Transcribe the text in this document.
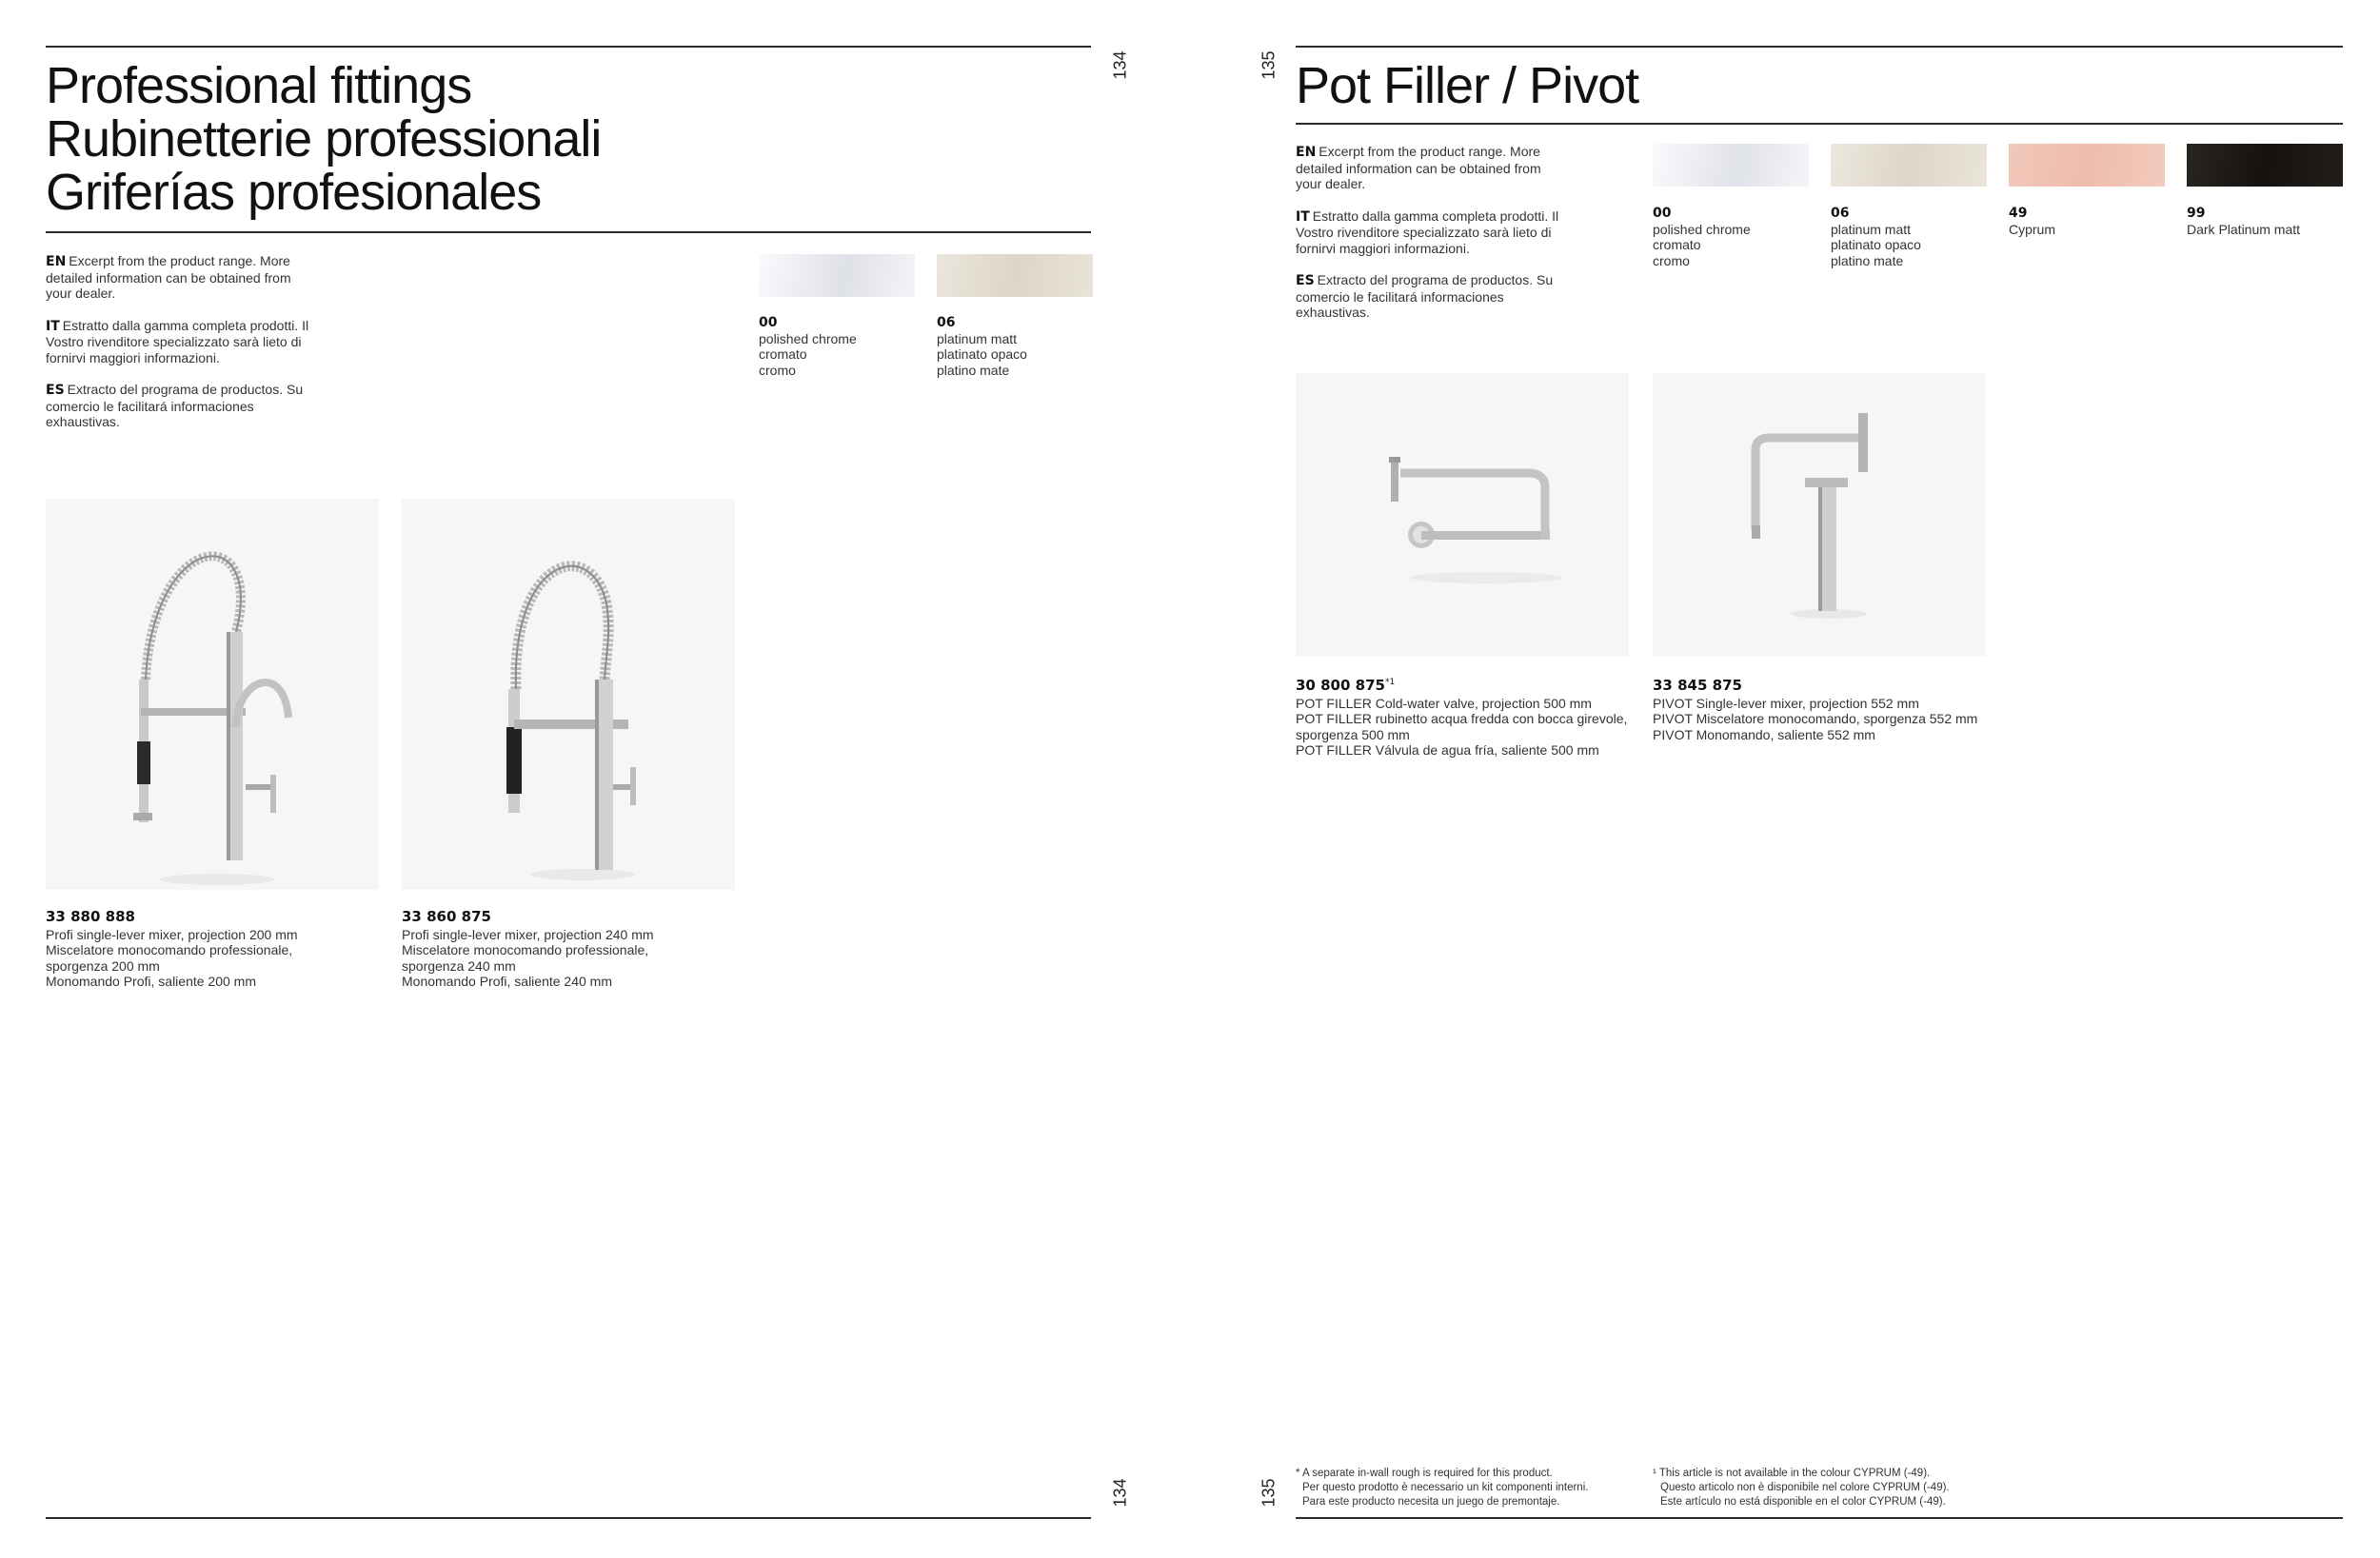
134
Professional fittings
Rubinetterie professionali
Griferías profesionales

EN Excerpt from the product range. More detailed information can be obtained from your dealer.

IT Estratto dalla gamma completa prodotti. Il Vostro rivenditore specializzato sarà lieto di fornirvi maggiori informazioni.

ES Extracto del programa de productos. Su comercio le facilitará informaciones exhaustivas.

00
polished chrome
cromato
cromo
06
platinum matt
platinato opaco
platino mate
33 880 888
Profi single-lever mixer, projection 200 mm
Miscelatore monocomando professionale,
sporgenza 200 mm
Monomando Profi, saliente 200 mm
33 860 875
Profi single-lever mixer, projection 240 mm
Miscelatore monocomando professionale,
sporgenza 240 mm
Monomando Profi, saliente 240 mm
134
135 Pot Filler / Pivot

EN Excerpt from the product range. More detailed information can be obtained from your dealer.

IT Estratto dalla gamma completa prodotti. Il Vostro rivenditore specializzato sarà lieto di fornirvi maggiori informazioni.

ES Extracto del programa de productos. Su comercio le facilitará informaciones exhaustivas.

00
polished chrome
cromato
cromo
06
platinum matt
platinato opaco
platino mate
49
Cyprum
99
Dark Platinum matt
30 800 875$^{*1}$
POT FILLER Cold-water valve, projection 500 mm
POT FILLER rubinetto acqua fredda con bocca girevole,
sporgenza 500 mm
POT FILLER Válvula de agua fría, saliente 500 mm
33 845 875
PIVOT Single-lever mixer, projection 552 mm
PIVOT Miscelatore monocomando, sporgenza 552 mm
PIVOT Monomando, saliente 552 mm
135
* A separate in-wall rough is required for this product.
Per questo prodotto è necessario un kit componenti interni.
Para este producto necesita un juego de premontaje.
¹ This article is not available in the colour CYPRUM (-49).
Questo articolo non è disponibile nel colore CYPRUM (-49).
Este artículo no está disponible en el color CYPRUM (-49).
